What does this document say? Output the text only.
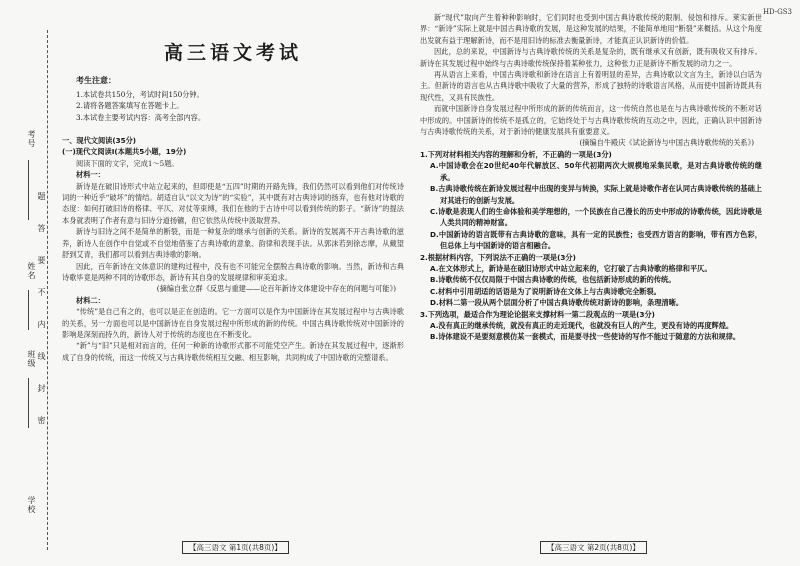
考号
姓名
班级
学校
题
答
要
不
内
线
封
密
高三语文考试
考生注意：
1.本试卷共150分，考试时间150分钟。
2.请将各题答案填写在答题卡上。
3.本试卷主要考试内容：高考全部内容。
一、现代文阅读(35分)
(一)现代文阅读Ⅰ(本题共5小题，19分)
阅读下面的文字，完成1～5题。
材料一：
新诗是在破旧诗形式中站立起来的，但即使是“五四”时期的开路先锋，我们仍然可以看到他们对传统诗词的一种近乎“破坏”的情结。胡适自认“以文为诗”的“实验”，其中既有对古典诗词的扬弃，也有他对诗歌的态度：如何打破旧诗的格律、平仄、对仗等束缚，我们在他的于古诗中可以看到传统的影子。“新诗”的提法本身就表明了作者有意与旧诗分道扬镳，但它依然从传统中汲取营养。
新诗与旧诗之间不是简单的断裂，而是一种复杂的继承与创新的关系。新诗的发展离不开古典诗歌的滋养，新诗人在创作中自觉或不自觉地借鉴了古典诗歌的意象、韵律和表现手法。从郭沫若到徐志摩，从戴望舒到艾青，我们都可以看到古典诗歌的影响。
因此，百年新诗在文体意识的建构过程中，没有也不可能完全摆脱古典诗歌的影响。当然，新诗和古典诗歌毕竟是两种不同的诗歌形态，新诗有其自身的发展规律和审美追求。
(摘编自张立群《反思与重建——论百年新诗文体建设中存在的问题与可能》)
材料二：
“传统”是自己有之的，也可以是正在创造的。它一方面可以是作为中国新诗在其发展过程中与古典诗歌的关系，另一方面也可以是中国新诗在自身发展过程中所形成的新的传统。中国古典诗歌传统对中国新诗的影响是深刻而持久的，新诗人对于传统的态度也在不断变化。
“新”与“旧”只是相对而言的，任何一种新的诗歌形式都不可能凭空产生。新诗在其发展过程中，逐渐形成了自身的传统，而这一传统又与古典诗歌传统相互交融、相互影响，共同构成了中国诗歌的完整谱系。
新“现代”取向产生着种种影响时，它们同时也受到中国古典诗歌传统的限制、侵蚀和排斥。莱实新世界：“新诗”实际上就是中国古典诗歌的发展，是这种发展的结果，不能简单地用“断裂”来概括。从这个角度出发就有益于理解新诗，而不是用旧诗的标准去衡量新诗，才能真正认识新诗的价值。
因此，总的来说，中国新诗与古典诗歌传统的关系是复杂的，既有继承又有创新，既有吸收又有排斥。新诗在其发展过程中始终与古典诗歌传统保持着某种张力，这种张力正是新诗不断发展的动力之一。
再从语言上来看，中国古典诗歌和新诗在语言上有着明显的差异，古典诗歌以文言为主，新诗以白话为主。但新诗的语言也从古典诗歌中吸收了大量的营养，形成了独特的诗歌语言风格，从而使中国新诗既具有现代性，又具有民族性。
而就中国新诗自身发展过程中所形成的新的传统而言，这一传统自然也是在与古典诗歌传统的不断对话中形成的。中国新诗的传统不是孤立的，它始终处于与古典诗歌传统的互动之中，因此，正确认识中国新诗与古典诗歌传统的关系，对于新诗的健康发展具有重要意义。
(摘编自牛殿庆《试论新诗与中国古典诗歌传统的关系》)
1.下列对材料相关内容的理解和分析，不正确的一项是(3分)
A.中国诗歌会在20世纪40年代解放区、50年代初期两次大规模地采集民歌，是对古典诗歌传统的继承。
B.古典诗歌传统在新诗发展过程中出现的变异与转换，实际上就是诗歌作者在认同古典诗歌传统的基础上对其进行的创新与发展。
C.诗歌是表现人们的生命体验和美学理想的，一个民族在自己漫长的历史中形成的诗歌传统，因此诗歌是人类共同的精神财富。
D.中国新诗的语言既带有古典诗歌的意味，具有一定的民族性；也受西方语言的影响，带有西方色彩，但总体上与中国新诗的语言相融合。
2.根据材料内容，下列说法不正确的一项是(3分)
A.在文体形式上，新诗是在破旧诗形式中站立起来的，它打破了古典诗歌的格律和平仄。
B.诗歌传统不仅仅局限于中国古典诗歌的传统，也包括新诗形成的新的传统。
C.材料中引用胡适的话语是为了说明新诗在文体上与古典诗歌完全断裂。
D.材料二第一段从两个层面分析了中国古典诗歌传统对新诗的影响，条理清晰。
3.下列选项，最适合作为理论论据来支撑材料一第二段观点的一项是(3分)
A.没有真正的继承传统，就没有真正的走近现代，也就没有巨人的产生，更没有诗的再度辉煌。
B.诗体建设不是要刻意模仿某一套模式，而是要寻找一些使诗的写作不能过于随意的方法和规律。
HD-GS3
【高三语文 第1页(共8页)】	【高三语文 第2页(共8页)】
